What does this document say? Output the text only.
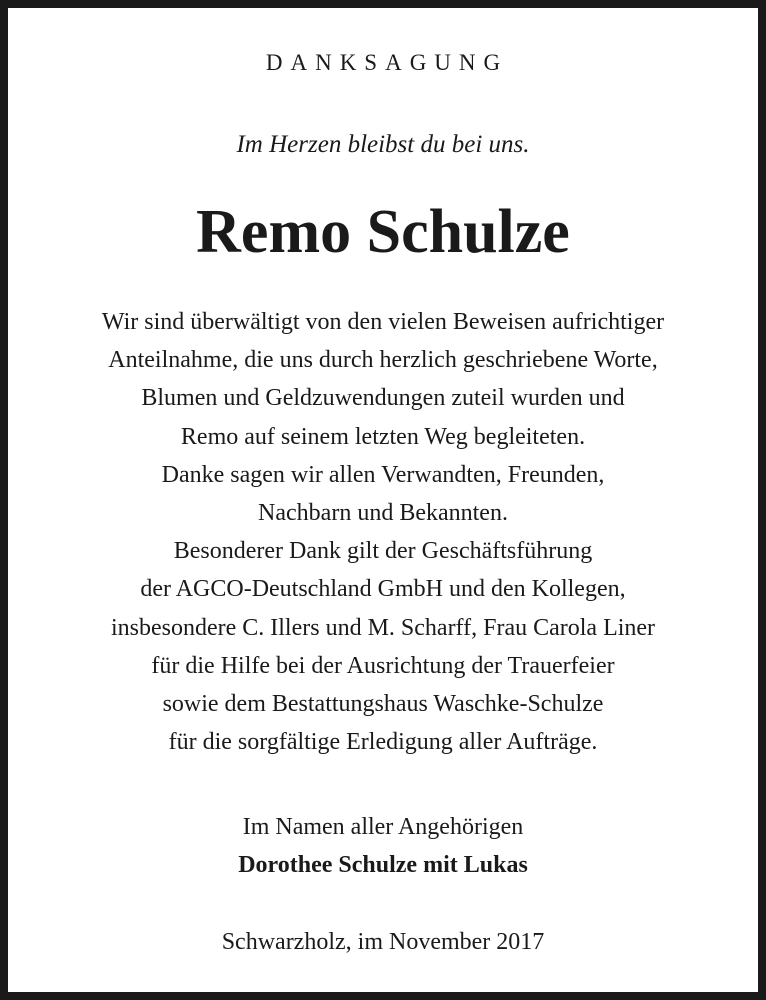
DANKSAGUNG
Im Herzen bleibst du bei uns.
Remo Schulze
Wir sind überwältigt von den vielen Beweisen aufrichtiger
Anteilnahme, die uns durch herzlich geschriebene Worte,
Blumen und Geldzuwendungen zuteil wurden und
Remo auf seinem letzten Weg begleiteten.
Danke sagen wir allen Verwandten, Freunden,
Nachbarn und Bekannten.
Besonderer Dank gilt der Geschäftsführung
der AGCO-Deutschland GmbH und den Kollegen,
insbesondere C. Illers und M. Scharff, Frau Carola Liner
für die Hilfe bei der Ausrichtung der Trauerfeier
sowie dem Bestattungshaus Waschke-Schulze
für die sorgfältige Erledigung aller Aufträge.
Im Namen aller Angehörigen
Dorothee Schulze mit Lukas
Schwarzholz, im November 2017
